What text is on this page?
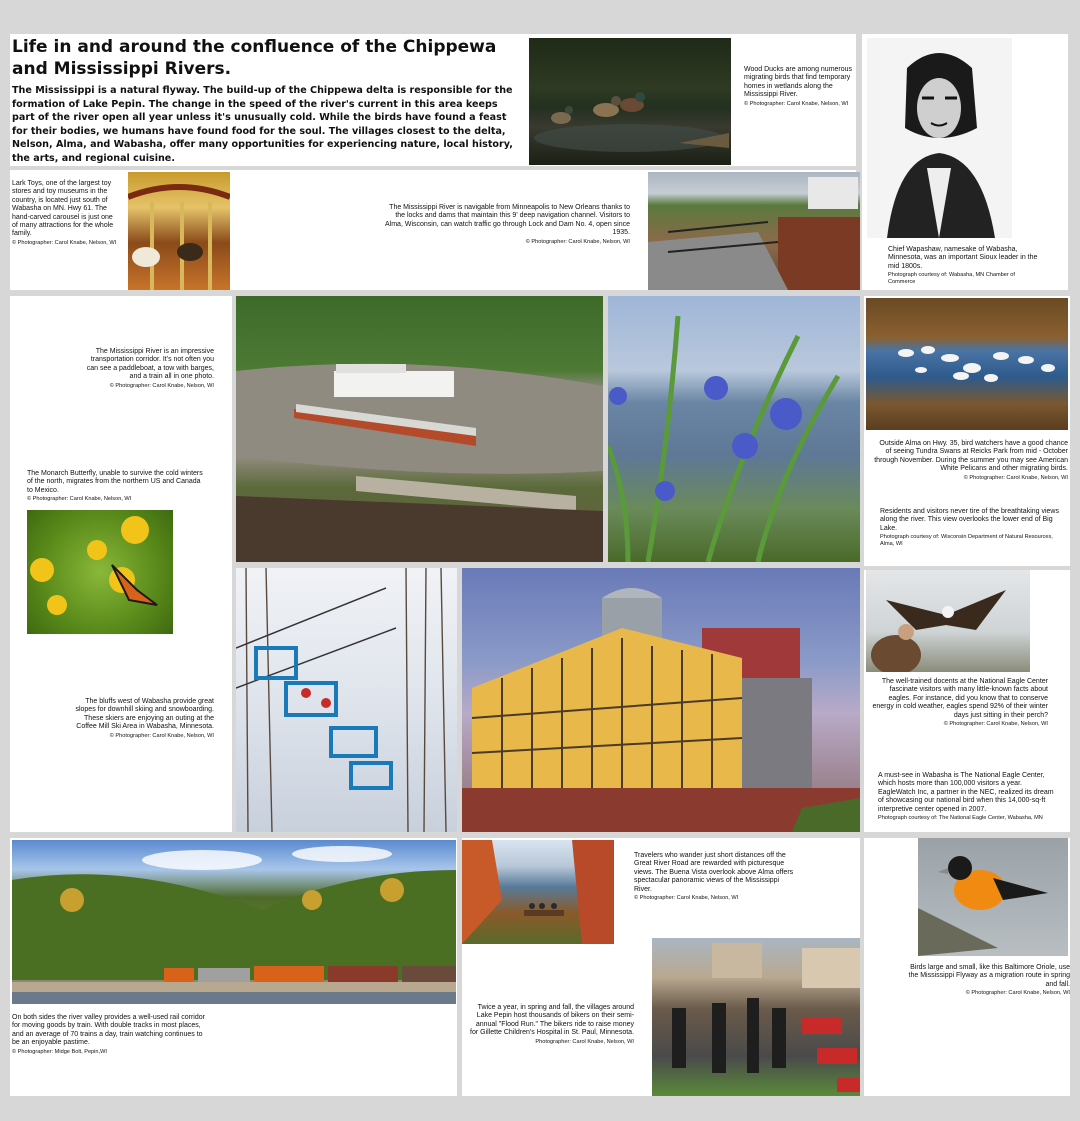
Life in and around the confluence of the Chippewa and Mississippi Rivers.

The Mississippi is a natural flyway. The build-up of the Chippewa delta is responsible for the formation of Lake Pepin. The change in the speed of the river's current in this area keeps part of the river open all year unless it's unusually cold. While the birds have found a feast for their bodies, we humans have found food for the soul. The villages closest to the delta, Nelson, Alma, and Wabasha, offer many opportunities for experiencing nature, local history, the arts, and regional cuisine.

Wood Ducks are among numerous migrating birds that find temporary homes in wetlands along the Mississippi River.
© Photographer: Carol Knabe, Nelson, WI
Chief Wapashaw, namesake of Wabasha, Minnesota, was an important Sioux leader in the mid 1800s.
Photograph courtesy of: Wabasha, MN Chamber of Commerce
Lark Toys, one of the largest toy stores and toy museums in the country, is located just south of Wabasha on MN. Hwy 61. The hand-carved carousel is just one of many attractions for the whole family.
© Photographer: Carol Knabe, Nelson, WI
The Mississippi River is navigable from Minneapolis to New Orleans thanks to the locks and dams that maintain this 9' deep navigation channel. Visitors to Alma, Wisconsin, can watch traffic go through Lock and Dam No. 4, open since 1935.
© Photographer: Carol Knabe, Nelson, WI
The Mississippi River is an impressive transportation corridor. It's not often you can see a paddleboat, a tow with barges, and a train all in one photo.
© Photographer: Carol Knabe, Nelson, WI
The Monarch Butterfly, unable to survive the cold winters of the north, migrates from the northern US and Canada to Mexico.
© Photographer: Carol Knabe, Nelson, WI
Outside Alma on Hwy. 35, bird watchers have a good chance of seeing Tundra Swans at Reicks Park from mid - October through November. During the summer you may see American White Pelicans and other migrating birds.
© Photographer: Carol Knabe, Nelson, WI
Residents and visitors never tire of the breathtaking views along the river. This view overlooks the lower end of Big Lake.
Photograph courtesy of: Wisconsin Department of Natural Resources, Alma, WI
The bluffs west of Wabasha provide great slopes for downhill skiing and snowboarding. These skiers are enjoying an outing at the Coffee Mill Ski Area in Wabasha, Minnesota.
© Photographer: Carol Knabe, Nelson, WI
The well-trained docents at the National Eagle Center fascinate visitors with many little-known facts about eagles. For instance, did you know that to conserve energy in cold weather, eagles spend 92% of their winter days just sitting in their perch?
© Photographer: Carol Knabe, Nelson, WI
A must-see in Wabasha is The National Eagle Center, which hosts more than 100,000 visitors a year. EagleWatch Inc, a partner in the NEC, realized its dream of showcasing our national bird when this 14,000-sq-ft interpretive center opened in 2007.
Photograph courtesy of: The National Eagle Center, Wabasha, MN
On both sides the river valley provides a well-used rail corridor for moving goods by train. With double tracks in most places, and an average of 70 trains a day, train watching continues to be an enjoyable pastime.
© Photographer: Midge Bolt, Pepin,WI
Travelers who wander just short distances off the Great River Road are rewarded with picturesque views. The Buena Vista overlook above Alma offers spectacular panoramic views of the Mississippi River.
© Photographer: Carol Knabe, Nelson, WI
Twice a year, in spring and fall, the villages around Lake Pepin host thousands of bikers on their semi-annual "Flood Run." The bikers ride to raise money for Gillette Children's Hospital in St. Paul, Minnesota.
Photographer: Carol Knabe, Nelson, WI
Birds large and small, like this Baltimore Oriole, use the Mississippi Flyway as a migration route in spring and fall.
© Photographer: Carol Knabe, Nelson, WI
